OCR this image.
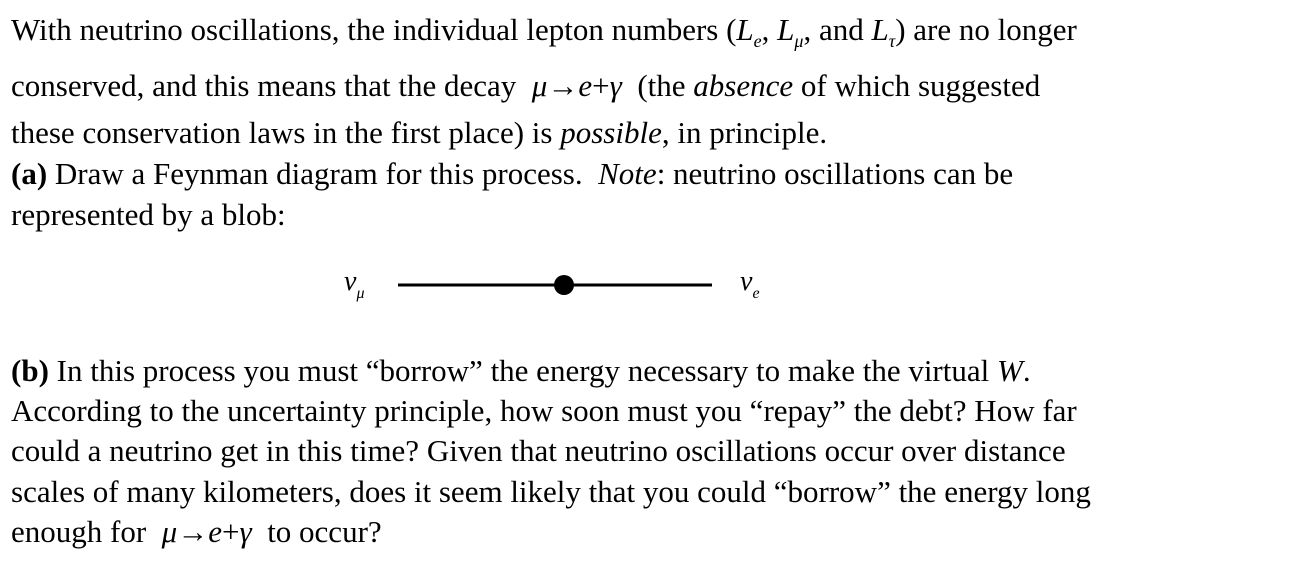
With neutrino oscillations, the individual lepton numbers ($L_e$, $L_\mu$, and $L_\tau$) are no longer
conserved, and this means that the decay μ→e+γ (the absence of which suggested
these conservation laws in the first place) is possible, in principle.
(a) Draw a Feynman diagram for this process. Note: neutrino oscillations can be
represented by a blob:
$\nu_\mu$	$\nu_e$
(b) In this process you must “borrow” the energy necessary to make the virtual W.
According to the uncertainty principle, how soon must you “repay” the debt? How far
could a neutrino get in this time? Given that neutrino oscillations occur over distance
scales of many kilometers, does it seem likely that you could “borrow” the energy long
enough for μ→e+γ to occur?
